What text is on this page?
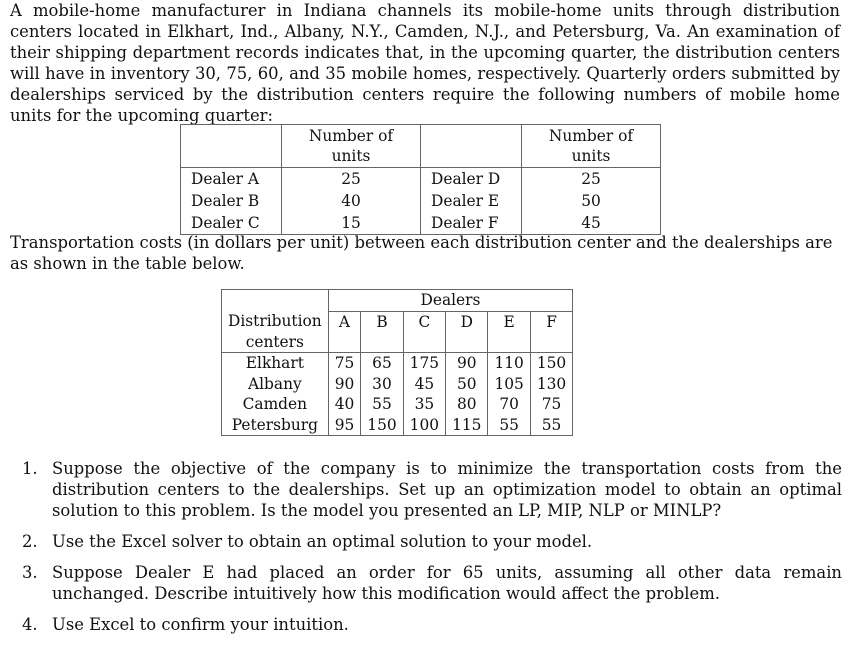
A mobile-home manufacturer in Indiana channels its mobile-home units through distribution centers located in Elkhart, Ind., Albany, N.Y., Camden, N.J., and Petersburg, Va. An examination of their shipping department records indicates that, in the upcoming quarter, the distribution centers will have in inventory 30, 75, 60, and 35 mobile homes, respectively. Quarterly orders submitted by dealerships serviced by the distribution centers require the following numbers of mobile home units for the upcoming quarter:

	Number of units		Number of units
Dealer A	25	Dealer D	25
Dealer B	40	Dealer E	50
Dealer C	15	Dealer F	45

Transportation costs (in dollars per unit) between each distribution center and the dealerships are as shown in the table below.

	Dealers					
Distribution	A	B	C	D	E	F
centers						
Elkhart	75	65	175	90	110	150
Albany	90	30	45	50	105	130
Camden	40	55	35	80	70	75
Petersburg	95	150	100	115	55	55
1. Suppose the objective of the company is to minimize the transportation costs from the distribution centers to the dealerships. Set up an optimization model to obtain an optimal solution to this problem. Is the model you presented an LP, MIP, NLP or MINLP?
2. Use the Excel solver to obtain an optimal solution to your model.
3. Suppose Dealer E had placed an order for 65 units, assuming all other data remain unchanged. Describe intuitively how this modification would affect the problem.
4. Use Excel to confirm your intuition.
